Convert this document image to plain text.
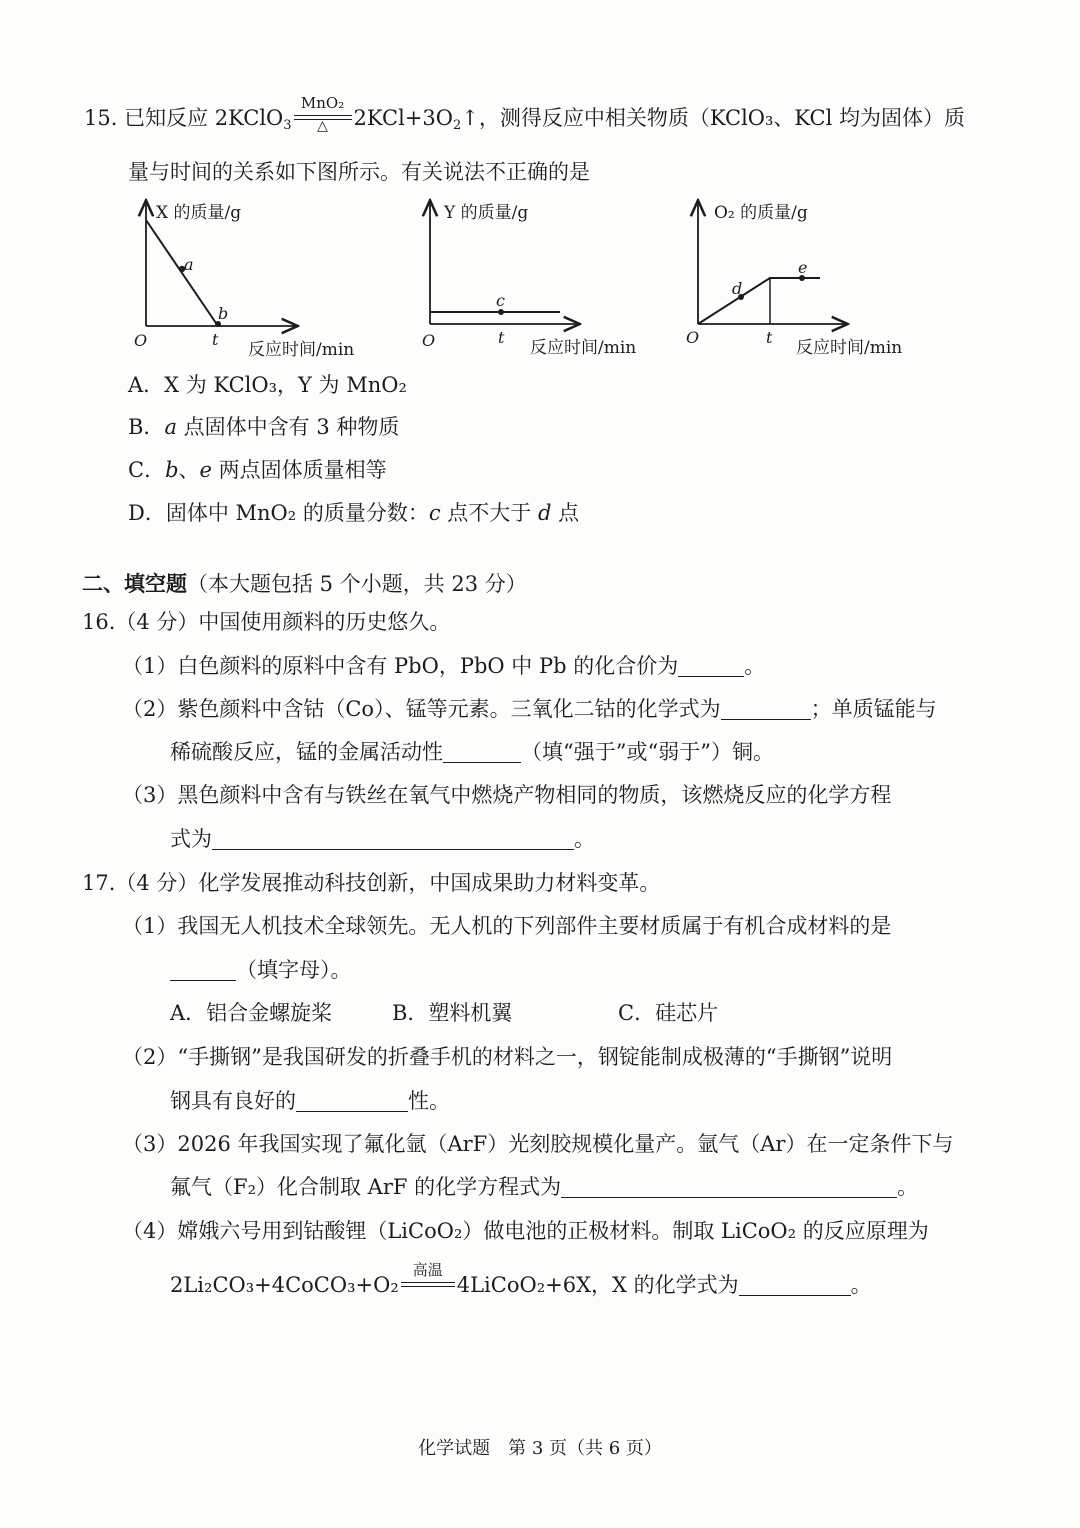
15. 已知反应 2KClO$_3$
MnO₂
△	$2KCl+3O_2↑$，测得反应中相关物质（KClO₃、KCl 均为固体）质
量与时间的关系如下图所示。有关说法不正确的是
X 的质量/g
O	t
反应时间/min
a
b
Y 的质量/g
O	t
反应时间/min
c
O₂ 的质量/g
O	t
反应时间/min
d
e
A．X 为 KClO₃，Y 为 MnO₂
B．a 点固体中含有 3 种物质
C．b、e 两点固体质量相等
D．固体中 MnO₂ 的质量分数：c 点不大于 d 点
二、填空题（本大题包括 5 个小题，共 23 分）
16.（4 分）中国使用颜料的历史悠久。
（1）白色颜料的原料中含有 PbO，PbO 中 Pb 的化合价为	。
（2）紫色颜料中含钴（Co）、锰等元素。三氧化二钴的化学式为	；单质锰能与
稀硫酸反应，锰的金属活动性	（填“强于”或“弱于”）铜。
（3）黑色颜料中含有与铁丝在氧气中燃烧产物相同的物质，该燃烧反应的化学方程
式为	。
17.（4 分）化学发展推动科技创新，中国成果助力材料变革。
（1）我国无人机技术全球领先。无人机的下列部件主要材质属于有机合成材料的是
（填字母）。
A．铝合金螺旋桨	B．塑料机翼	C．硅芯片
（2）“手撕钢”是我国研发的折叠手机的材料之一，钢锭能制成极薄的“手撕钢”说明
钢具有良好的	性。
（3）2026 年我国实现了氟化氩（ArF）光刻胶规模化量产。氩气（Ar）在一定条件下与
氟气（F₂）化合制取 ArF 的化学方程式为	。
（4）嫦娥六号用到钴酸锂（LiCoO₂）做电池的正极材料。制取 LiCoO₂ 的反应原理为
2Li₂CO₃+4CoCO₃+O₂
高温
4LiCoO₂+6X，X 的化学式为	。
化学试题　第 3 页（共 6 页）
